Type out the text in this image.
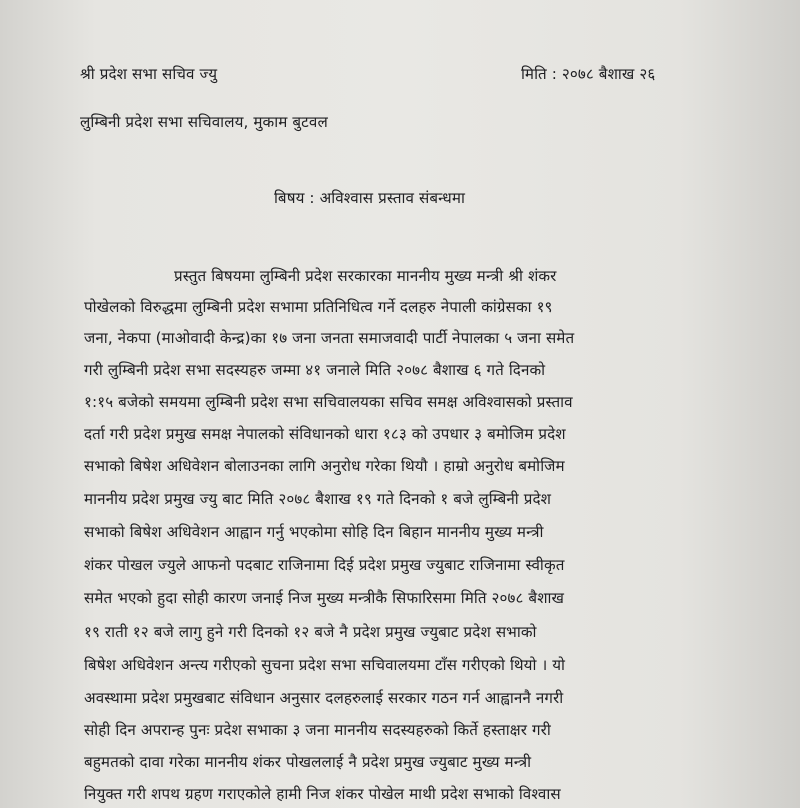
श्री प्रदेश सभा सचिव ज्यु	मिति : २०७८ बैशाख २६
लुम्बिनी प्रदेश सभा सचिवालय, मुकाम बुटवल
बिषय : अविश्वास प्रस्ताव संबन्धमा
प्रस्तुत बिषयमा लुम्बिनी प्रदेश सरकारका माननीय मुख्य मन्त्री श्री शंकर
पोखेलको विरुद्धमा लुम्बिनी प्रदेश सभामा प्रतिनिधित्व गर्ने दलहरु नेपाली कांग्रेसका १९
जना, नेकपा (माओवादी केन्द्र)का १७ जना जनता समाजवादी पार्टी नेपालका ५ जना समेत
गरी लुम्बिनी प्रदेश सभा सदस्यहरु जम्मा ४१ जनाले मिति २०७८ बैशाख ६ गते दिनको
१:१५ बजेको समयमा लुम्बिनी प्रदेश सभा सचिवालयका सचिव समक्ष अविश्वासको प्रस्ताव
दर्ता गरी प्रदेश प्रमुख समक्ष नेपालको संविधानको धारा १८३ को उपधार ३ बमोजिम प्रदेश
सभाको बिषेश अधिवेशन बोलाउनका लागि अनुरोध गरेका थियौ । हाम्रो अनुरोध बमोजिम
माननीय प्रदेश प्रमुख ज्यु बाट मिति २०७८ बैशाख १९ गते दिनको १ बजे लुम्बिनी प्रदेश
सभाको बिषेश अधिवेशन आह्वान गर्नु भएकोमा सोहि दिन बिहान माननीय मुख्य मन्त्री
शंकर पोखल ज्युले आफनो पदबाट राजिनामा दिई प्रदेश प्रमुख ज्युबाट राजिनामा स्वीकृत
समेत भएको हुदा सोही कारण जनाई निज मुख्य मन्त्रीकै सिफारिसमा मिति २०७८ बैशाख
१९ राती १२ बजे लागु हुने गरी दिनको १२ बजे नै प्रदेश प्रमुख ज्युबाट प्रदेश सभाको
बिषेश अधिवेशन अन्त्य गरीएको सुचना प्रदेश सभा सचिवालयमा टाँस गरीएको थियो । यो
अवस्थामा प्रदेश प्रमुखबाट संविधान अनुसार दलहरुलाई सरकार गठन गर्न आह्वाननै नगरी
सोही दिन अपरान्ह पुनः प्रदेश सभाका ३ जना माननीय सदस्यहरुको किर्ते हस्ताक्षर गरी
बहुमतको दावा गरेका माननीय शंकर पोखललाई नै प्रदेश प्रमुख ज्युबाट मुख्य मन्त्री
नियुक्त गरी शपथ ग्रहण गराएकोले हामी निज शंकर पोखेल माथी प्रदेश सभाको विश्वास
